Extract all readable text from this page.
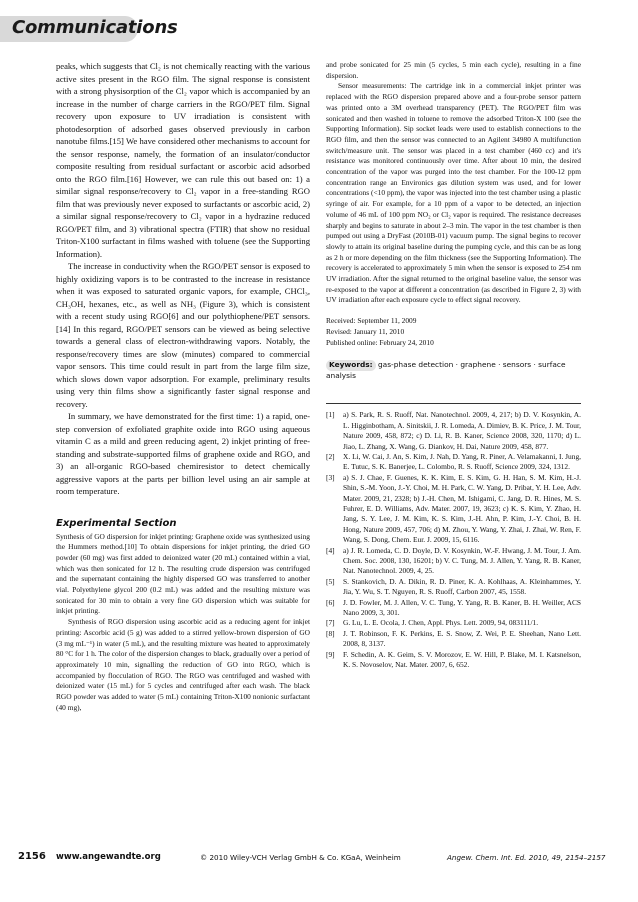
Communications

peaks, which suggests that Cl₂ is not chemically reacting with the various active sites present in the RGO film. The signal response is consistent with a strong physisorption of the Cl₂ vapor which is accompanied by an increase in the number of charge carriers in the RGO/PET film. Signal recovery upon exposure to UV irradiation is consistent with photodesorption of adsorbed gases observed previously in carbon nanotube films.[15] We have considered other mechanisms to account for the sensor response, namely, the formation of an insulator/conductor composite resulting from residual surfactant or ascorbic acid adsorbed onto the RGO film.[16] However, we can rule this out based on: 1) a similar signal response/recovery to Cl₂ vapor in a free-standing RGO film that was previously never exposed to surfactants or ascorbic acid, 2) a similar signal response/recovery to Cl₂ vapor in a hydrazine reduced RGO/PET film, and 3) vibrational spectra (FTIR) that show no residual Triton-X100 surfactant in films washed with toluene (see the Supporting Information).

The increase in conductivity when the RGO/PET sensor is exposed to highly oxidizing vapors is to be contrasted to the increase in resistance when it was exposed to saturated organic vapors, for example, CHCl₃, CH₃OH, hexanes, etc., as well as NH₃ (Figure 3), which is consistent with a recent study using RGO[6] and our polythiophene/PET sensors.[14] In this regard, RGO/PET sensors can be viewed as being selective towards a general class of electron-withdrawing vapors. Notably, the response/recovery times are slow (minutes) compared to commercial vapor sensors. This time could result in part from the large film size, which slows down vapor adsorption. For example, preliminary results using very thin films show a significantly faster signal response and recovery.

In summary, we have demonstrated for the first time: 1) a rapid, one-step conversion of exfoliated graphite oxide into RGO using aqueous vitamin C as a mild and green reducing agent, 2) inkjet printing of free-standing and substrate-supported films of graphene oxide and RGO, and 3) an all-organic RGO-based chemiresistor to detect chemically aggressive vapors at the parts per billion level using an air sample at room temperature.

Experimental Section

Synthesis of GO dispersion for inkjet printing: Graphene oxide was synthesized using the Hummers method.[10] To obtain dispersions for inkjet printing, the dried GO powder (60 mg) was first added to deionized water (20 mL) contained within a vial, which was then sonicated for 12 h. The resulting crude dispersion was centrifuged and the supernatant containing the highly dispersed GO was transferred to another vial. Polyethylene glycol 200 (0.2 mL) was added and the resulting mixture was sonicated for 30 min to obtain a very fine GO dispersion which was suitable for inkjet printing.

Synthesis of RGO dispersion using ascorbic acid as a reducing agent for inkjet printing: Ascorbic acid (5 g) was added to a stirred yellow-brown dispersion of GO (3 mg mL⁻¹) in water (5 mL), and the resulting mixture was heated to approximately 80 °C for 1 h. The color of the dispersion changes to black, gradually over a period of approximately 10 min, signalling the reduction of GO into RGO, which is accompanied by flocculation of RGO. The RGO was centrifuged and washed with deionized water (15 mL) for 5 cycles and centrifuged after each wash. The black RGO powder was added to water (5 mL) containing Triton-X100 nonionic surfactant (40 mg),

and probe sonicated for 25 min (5 cycles, 5 min each cycle), resulting in a fine dispersion.

Sensor measurements: The cartridge ink in a commercial inkjet printer was replaced with the RGO dispersion prepared above and a four-probe sensor pattern was printed onto a 3M overhead transparency (PET). The RGO/PET film was sonicated and then washed in toluene to remove the adsorbed Triton-X 100 (see the Supporting Information). Sip socket leads were used to establish connections to the RGO film, and then the sensor was connected to an Agilent 34980 A multifunction switch/measure unit. The sensor was placed in a test chamber (460 cc) and it's resistance was monitored continuously over time. After about 10 min, the desired concentration of the vapor was purged into the test chamber. For the 100-12 ppm concentration range an Environics gas dilution system was used, and for lower concentrations (<10 ppm), the vapor was injected into the test chamber using a plastic syringe of air. For example, for a 10 ppm of a vapor to be detected, an injection volume of 46 mL of 100 ppm NO₂ or Cl₂ vapor is required. The resistance decreases sharply and begins to saturate in about 2–3 min. The vapor in the test chamber is then pumped out using a DryFast (2010B-01) vacuum pump. The signal begins to recover slowly to attain its original baseline during the pumping cycle, and this can be as long as 2 h or more depending on the film thickness (see the Supporting Information). The recovery is accelerated to approximately 5 min when the sensor is exposed to 254 nm UV irradiation. After the signal returned to the original baseline value, the sensor was re-exposed to the vapor at different a concentration (as described in Figure 2, 3) with UV irradiation after each exposure cycle to effect signal recovery.

Received: September 11, 2009

Revised: January 11, 2010

Published online: February 24, 2010

Keywords: gas-phase detection · graphene · sensors · surface analysis
[1]	a) S. Park, R. S. Ruoff, Nat. Nanotechnol. 2009, 4, 217; b) D. V. Kosynkin, A. L. Higginbotham, A. Sinitskii, J. R. Lomeda, A. Dimiev, B. K. Price, J. M. Tour, Nature 2009, 458, 872; c) D. Li, R. B. Kaner, Science 2008, 320, 1170; d) L. Jiao, L. Zhang, X. Wang, G. Diankov, H. Dai, Nature 2009, 458, 877.
[2]	X. Li, W. Cai, J. An, S. Kim, J. Nah, D. Yang, R. Piner, A. Velamakanni, I. Jung, E. Tutuc, S. K. Banerjee, L. Colombo, R. S. Ruoff, Science 2009, 324, 1312.
[3]	a) S. J. Chae, F. Guenes, K. K. Kim, E. S. Kim, G. H. Han, S. M. Kim, H.-J. Shin, S.-M. Yoon, J.-Y. Choi, M. H. Park, C. W. Yang, D. Pribat, Y. H. Lee, Adv. Mater. 2009, 21, 2328; b) J.-H. Chen, M. Ishigami, C. Jang, D. R. Hines, M. S. Fuhrer, E. D. Williams, Adv. Mater. 2007, 19, 3623; c) K. S. Kim, Y. Zhao, H. Jang, S. Y. Lee, J. M. Kim, K. S. Kim, J.-H. Ahn, P. Kim, J.-Y. Choi, B. H. Hong, Nature 2009, 457, 706; d) M. Zhou, Y. Wang, Y. Zhai, J. Zhai, W. Ren, F. Wang, S. Dong, Chem. Eur. J. 2009, 15, 6116.
[4]	a) J. R. Lomeda, C. D. Doyle, D. V. Kosynkin, W.-F. Hwang, J. M. Tour, J. Am. Chem. Soc. 2008, 130, 16201; b) V. C. Tung, M. J. Allen, Y. Yang, R. B. Kaner, Nat. Nanotechnol. 2009, 4, 25.
[5]	S. Stankovich, D. A. Dikin, R. D. Piner, K. A. Kohlhaas, A. Kleinhammes, Y. Jia, Y. Wu, S. T. Nguyen, R. S. Ruoff, Carbon 2007, 45, 1558.
[6]	J. D. Fowler, M. J. Allen, V. C. Tung, Y. Yang, R. B. Kaner, B. H. Weiller, ACS Nano 2009, 3, 301.
[7]	G. Lu, L. E. Ocola, J. Chen, Appl. Phys. Lett. 2009, 94, 083111/1.
[8]	J. T. Robinson, F. K. Perkins, E. S. Snow, Z. Wei, P. E. Sheehan, Nano Lett. 2008, 8, 3137.
[9]	F. Schedin, A. K. Geim, S. V. Morozov, E. W. Hill, P. Blake, M. I. Katsnelson, K. S. Novoselov, Nat. Mater. 2007, 6, 652.
2156 www.angewandte.org	© 2010 Wiley-VCH Verlag GmbH & Co. KGaA, Weinheim	Angew. Chem. Int. Ed. 2010, 49, 2154–2157
